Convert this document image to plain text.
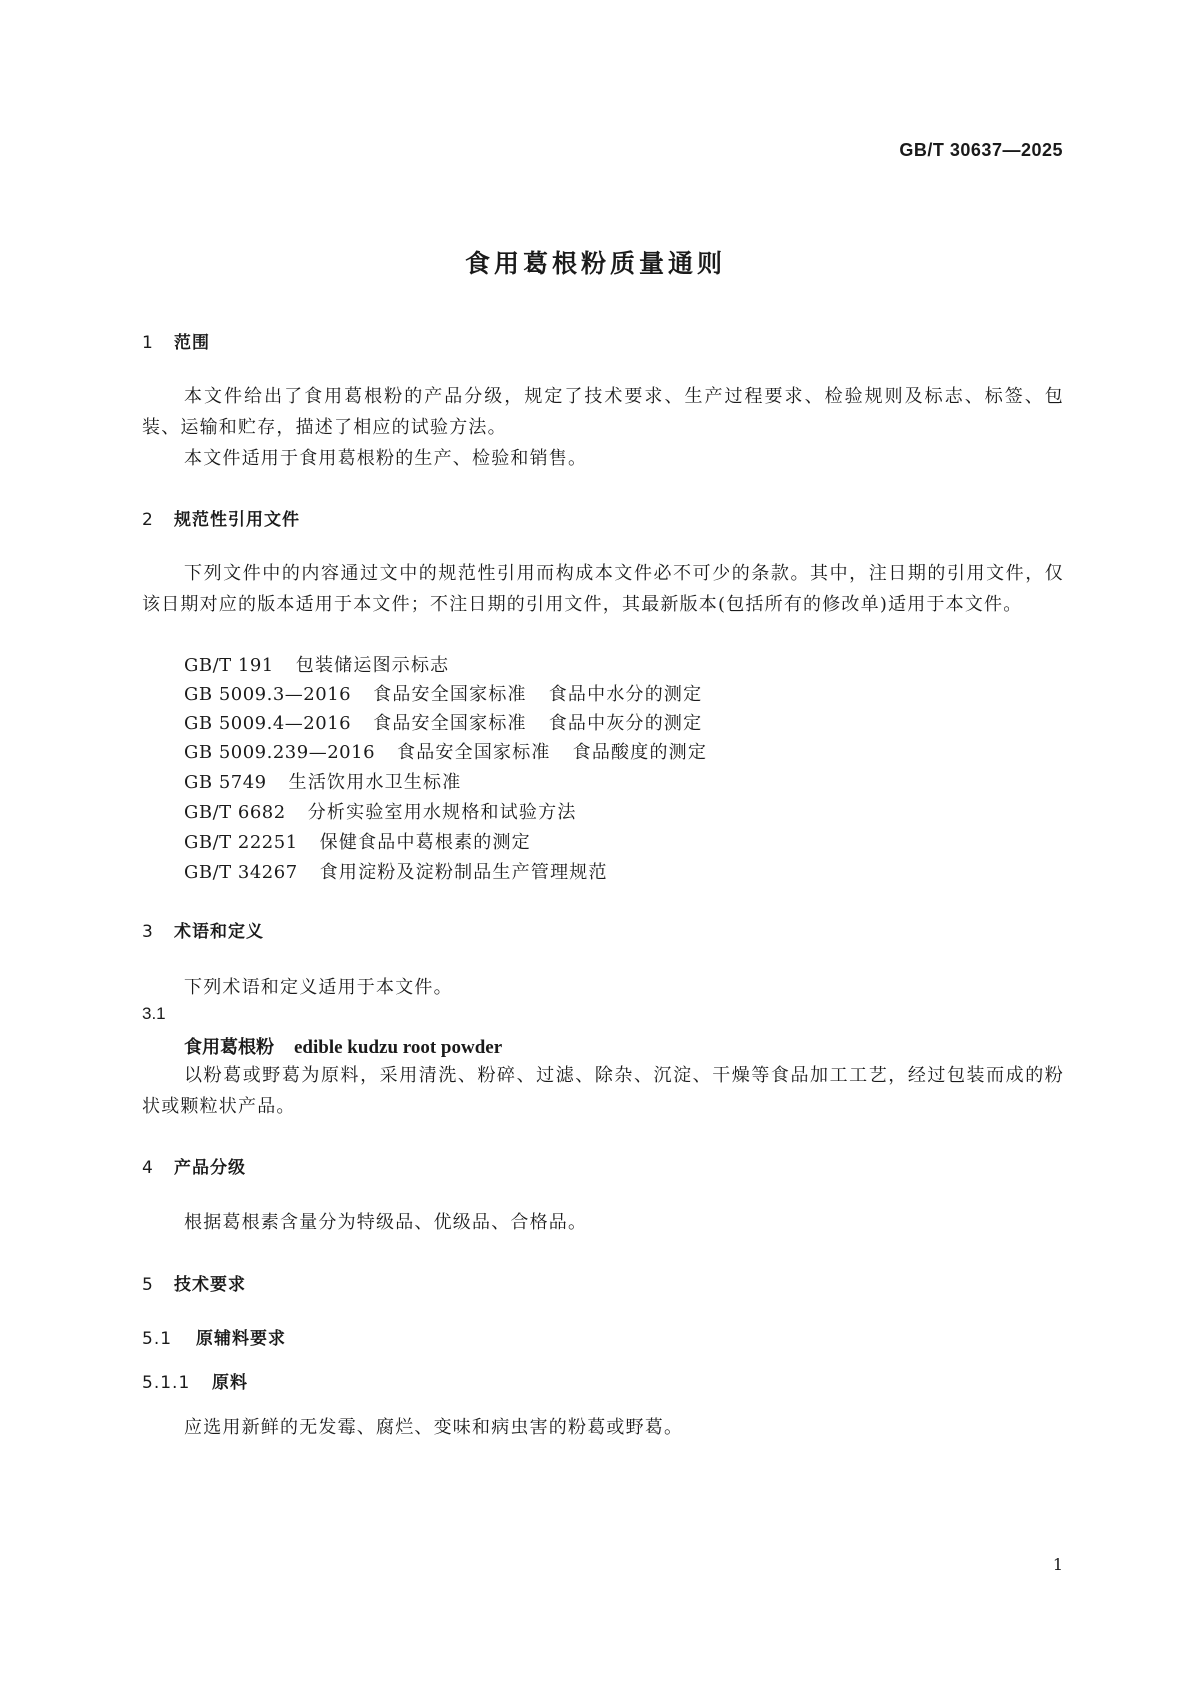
GB/T 30637—2025
食用葛根粉质量通则
1 范围
本文件给出了食用葛根粉的产品分级，规定了技术要求、生产过程要求、检验规则及标志、标签、包装、运输和贮存，描述了相应的试验方法。
本文件适用于食用葛根粉的生产、检验和销售。
2 规范性引用文件
下列文件中的内容通过文中的规范性引用而构成本文件必不可少的条款。其中，注日期的引用文件，仅该日期对应的版本适用于本文件；不注日期的引用文件，其最新版本(包括所有的修改单)适用于本文件。
GB/T 191 包装储运图示标志
GB 5009.3—2016 食品安全国家标准 食品中水分的测定
GB 5009.4—2016 食品安全国家标准 食品中灰分的测定
GB 5009.239—2016 食品安全国家标准 食品酸度的测定
GB 5749 生活饮用水卫生标准
GB/T 6682 分析实验室用水规格和试验方法
GB/T 22251 保健食品中葛根素的测定
GB/T 34267 食用淀粉及淀粉制品生产管理规范
3 术语和定义
下列术语和定义适用于本文件。
3.1
食用葛根粉 edible kudzu root powder
以粉葛或野葛为原料，采用清洗、粉碎、过滤、除杂、沉淀、干燥等食品加工工艺，经过包装而成的粉状或颗粒状产品。
4 产品分级
根据葛根素含量分为特级品、优级品、合格品。
5 技术要求
5.1 原辅料要求
5.1.1 原料
应选用新鲜的无发霉、腐烂、变味和病虫害的粉葛或野葛。
1
